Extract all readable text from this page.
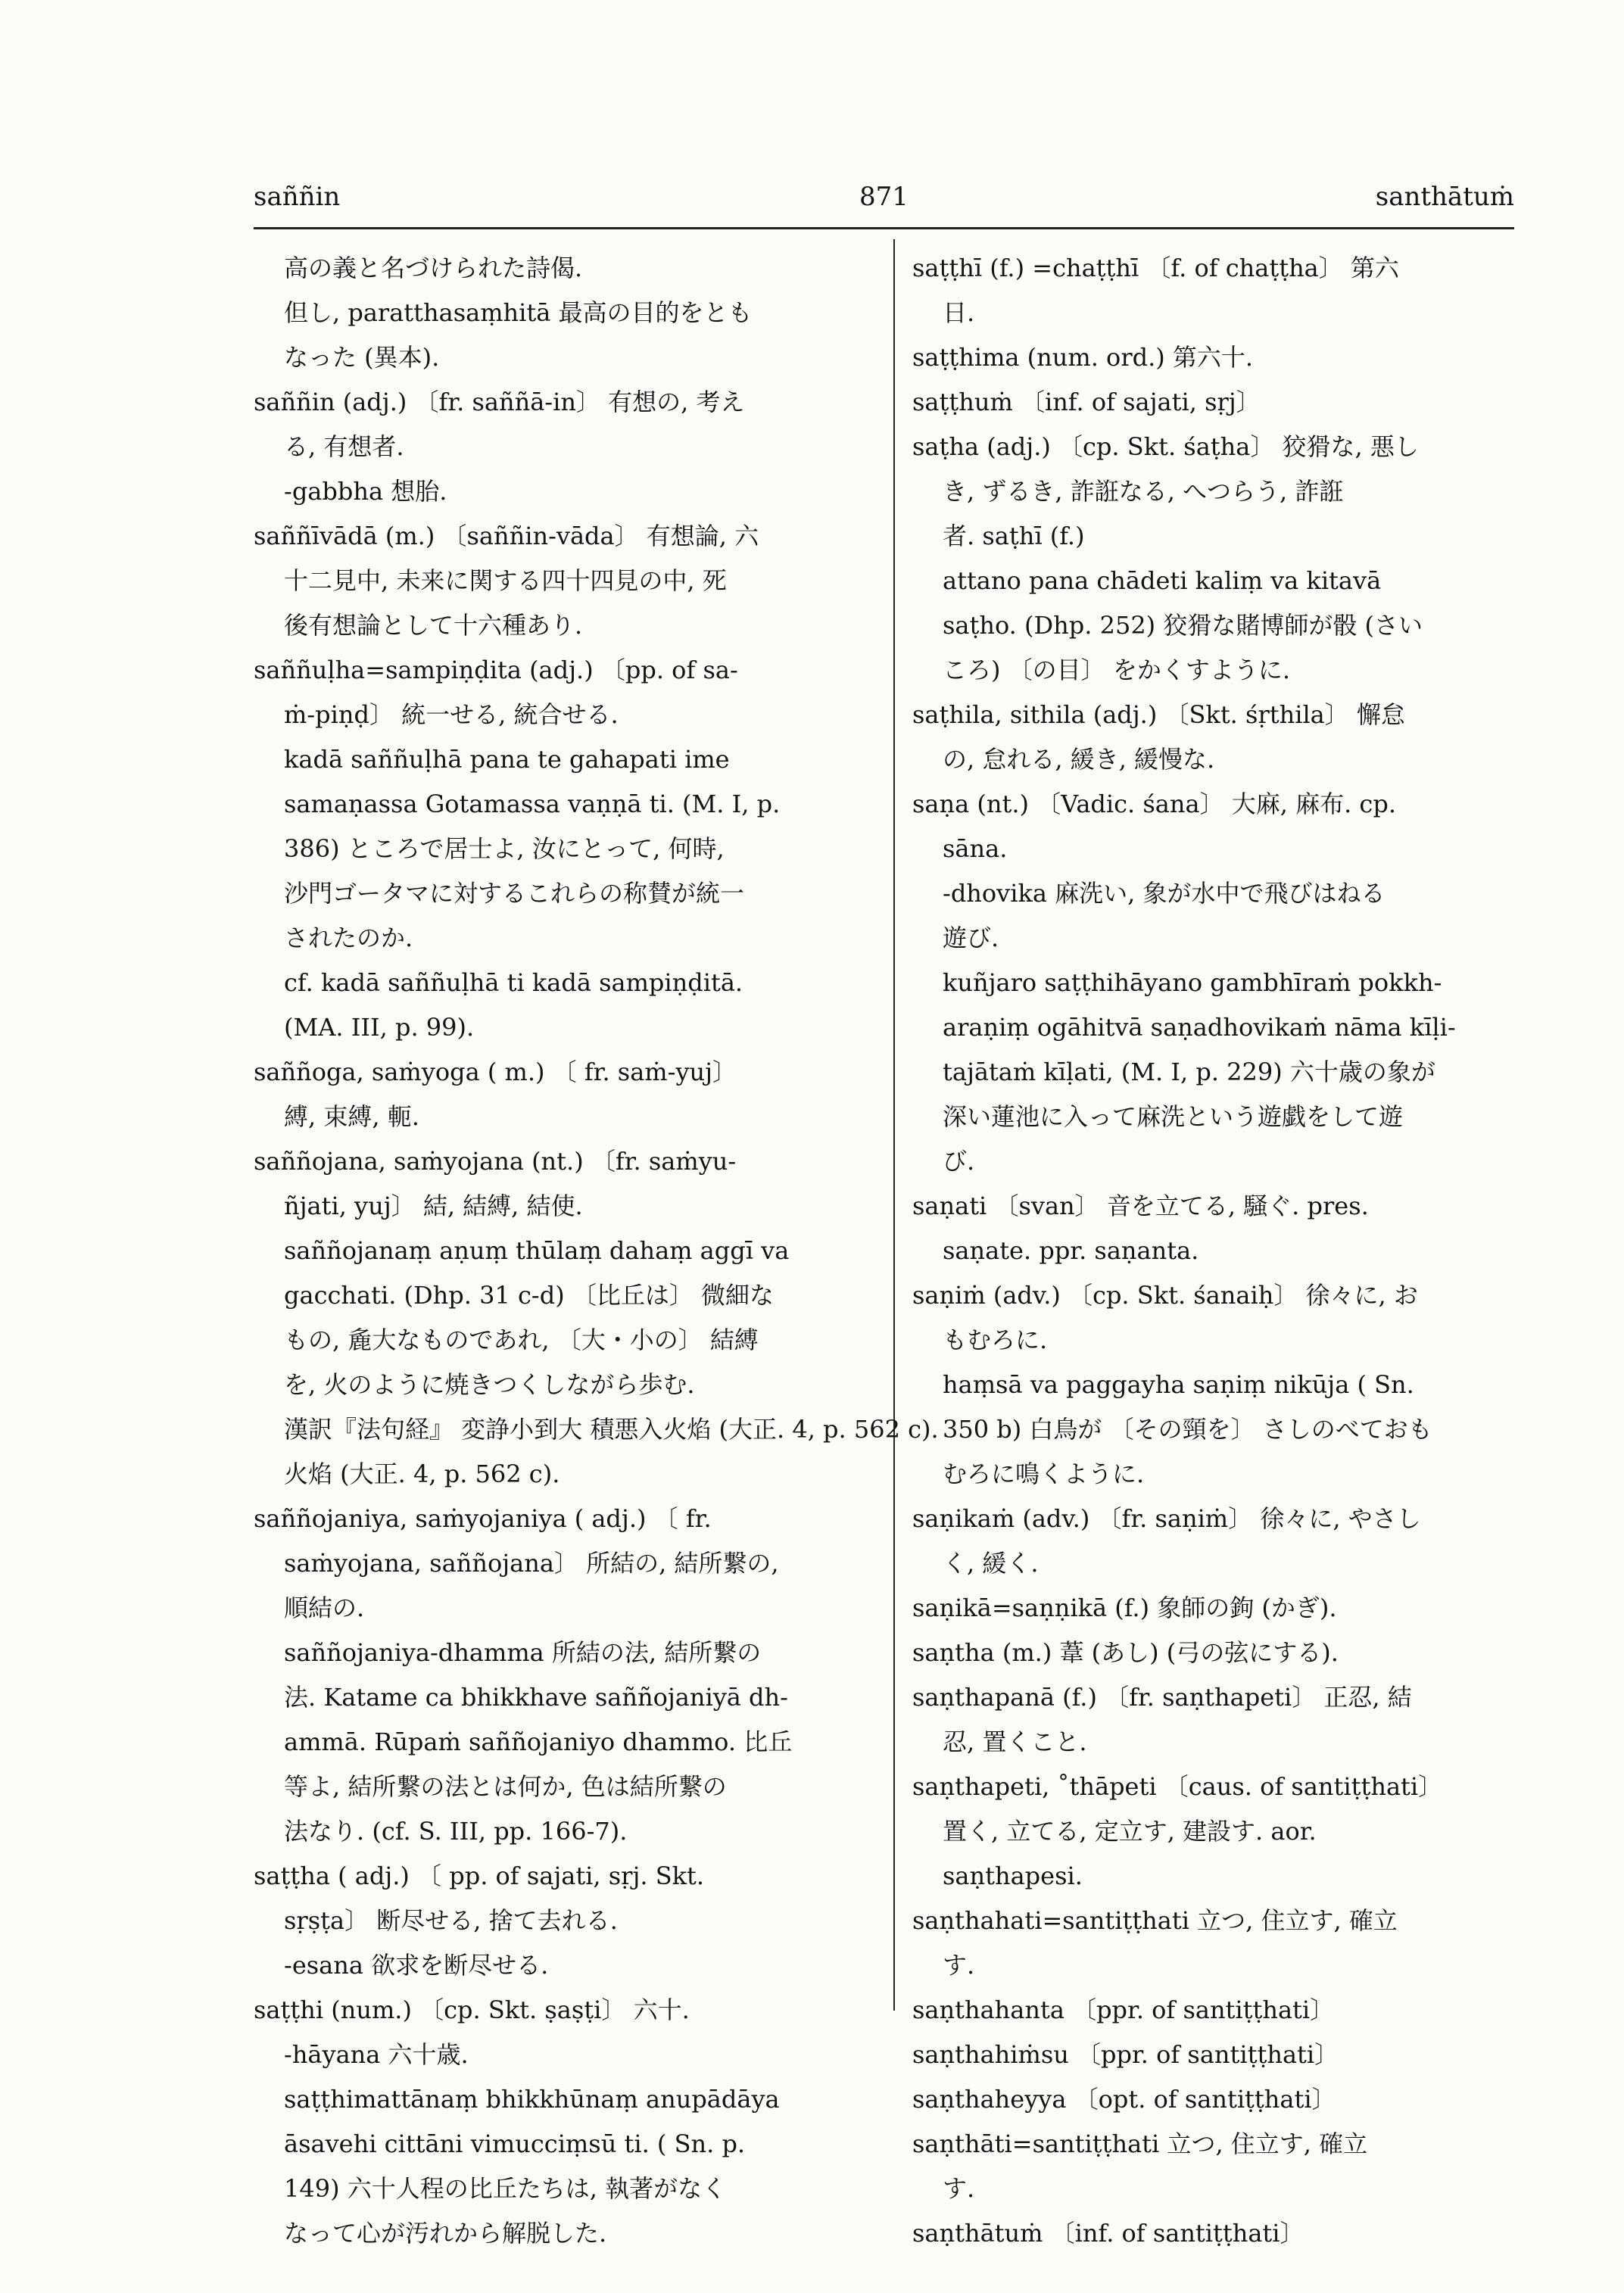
saññin	871	santhātuṁ
高の義と名づけられた詩偈.
但し, paratthasaṃhitā 最高の目的をとも
なった (異本).
saññin (adj.) 〔fr. saññā-in〕 有想の, 考え
る, 有想者.
-gabbha 想胎.
saññīvādā (m.) 〔saññin-vāda〕 有想論, 六
十二見中, 未来に関する四十四見の中, 死
後有想論として十六種あり.
saññuḷha=sampiṇḍita (adj.) 〔pp. of sa-
ṁ-piṇḍ〕 統一せる, 統合せる.
kadā saññuḷhā pana te gahapati ime
samaṇassa Gotamassa vaṇṇā ti. (M. I, p.
386) ところで居士よ, 汝にとって, 何時,
沙門ゴータマに対するこれらの称賛が統一
されたのか.
cf. kadā saññuḷhā ti kadā sampiṇḍitā.
(MA. III, p. 99).
saññoga, saṁyoga ( m.) 〔 fr. saṁ-yuj〕
縛, 束縛, 軛.
saññojana, saṁyojana (nt.) 〔fr. saṁyu-
ñjati, yuj〕 結, 結縛, 結使.
saññojanaṃ aṇuṃ thūlaṃ dahaṃ aggī va
gacchati. (Dhp. 31 c-d) 〔比丘は〕 微細な
もの, 麁大なものであれ, 〔大・小の〕 結縛
を, 火のように焼きつくしながら歩む.
漢訳『法句経』 変諍小到大 積悪入火焰 (大正. 4, p. 562 c).
火焰 (大正. 4, p. 562 c).
saññojaniya, saṁyojaniya ( adj.) 〔 fr.
saṁyojana, saññojana〕 所結の, 結所繋の,
順結の.
saññojaniya-dhamma 所結の法, 結所繋の
法. Katame ca bhikkhave saññojaniyā dh-
ammā. Rūpaṁ saññojaniyo dhammo. 比丘
等よ, 結所繋の法とは何か, 色は結所繋の
法なり. (cf. S. III, pp. 166-7).
saṭṭha ( adj.) 〔 pp. of sajati, sṛj. Skt.
sṛṣṭa〕 断尽せる, 捨て去れる.
-esana 欲求を断尽せる.
saṭṭhi (num.) 〔cp. Skt. ṣaṣṭi〕 六十.
-hāyana 六十歳.
saṭṭhimattānaṃ bhikkhūnaṃ anupādāya
āsavehi cittāni vimucciṃsū ti. ( Sn. p.
149) 六十人程の比丘たちは, 執著がなく
なって心が汚れから解脱した.
saṭṭhī (f.) =chaṭṭhī 〔f. of chaṭṭha〕 第六
日.
saṭṭhima (num. ord.) 第六十.
saṭṭhuṁ 〔inf. of sajati, sṛj〕
saṭha (adj.) 〔cp. Skt. śaṭha〕 狡猾な, 悪し
き, ずるき, 詐誑なる, へつらう, 詐誑
者. saṭhī (f.)
attano pana chādeti kaliṃ va kitavā
saṭho. (Dhp. 252) 狡猾な賭博師が骰 (さい
ころ) 〔の目〕 をかくすように.
saṭhila, sithila (adj.) 〔Skt. śṛthila〕 懈怠
の, 怠れる, 緩き, 緩慢な.
saṇa (nt.) 〔Vadic. śana〕 大麻, 麻布. cp.
sāna.
-dhovika 麻洗い, 象が水中で飛びはねる
遊び.
kuñjaro saṭṭhihāyano gambhīraṁ pokkh-
araṇiṃ ogāhitvā saṇadhovikaṁ nāma kīḷi-
tajātaṁ kīḷati, (M. I, p. 229) 六十歳の象が
深い蓮池に入って麻洗という遊戯をして遊
び.
saṇati 〔svan〕 音を立てる, 騒ぐ. pres.
saṇate. ppr. saṇanta.
saṇiṁ (adv.) 〔cp. Skt. śanaiḥ〕 徐々に, お
もむろに.
haṃsā va paggayha saṇiṃ nikūja ( Sn.
350 b) 白鳥が 〔その頸を〕 さしのべておも
むろに鳴くように.
saṇikaṁ (adv.) 〔fr. saṇiṁ〕 徐々に, やさし
く, 緩く.
saṇikā=saṇṇikā (f.) 象師の鉤 (かぎ).
saṇtha (m.) 葦 (あし) (弓の弦にする).
saṇthapanā (f.) 〔fr. saṇthapeti〕 正忍, 結
忍, 置くこと.
saṇthapeti, ˚thāpeti 〔caus. of santiṭṭhati〕
置く, 立てる, 定立す, 建設す. aor.
saṇthapesi.
saṇthahati=santiṭṭhati 立つ, 住立す, 確立
す.
saṇthahanta 〔ppr. of santiṭṭhati〕
saṇthahiṁsu 〔ppr. of santiṭṭhati〕
saṇthaheyya 〔opt. of santiṭṭhati〕
saṇthāti=santiṭṭhati 立つ, 住立す, 確立
す.
saṇthātuṁ 〔inf. of santiṭṭhati〕
